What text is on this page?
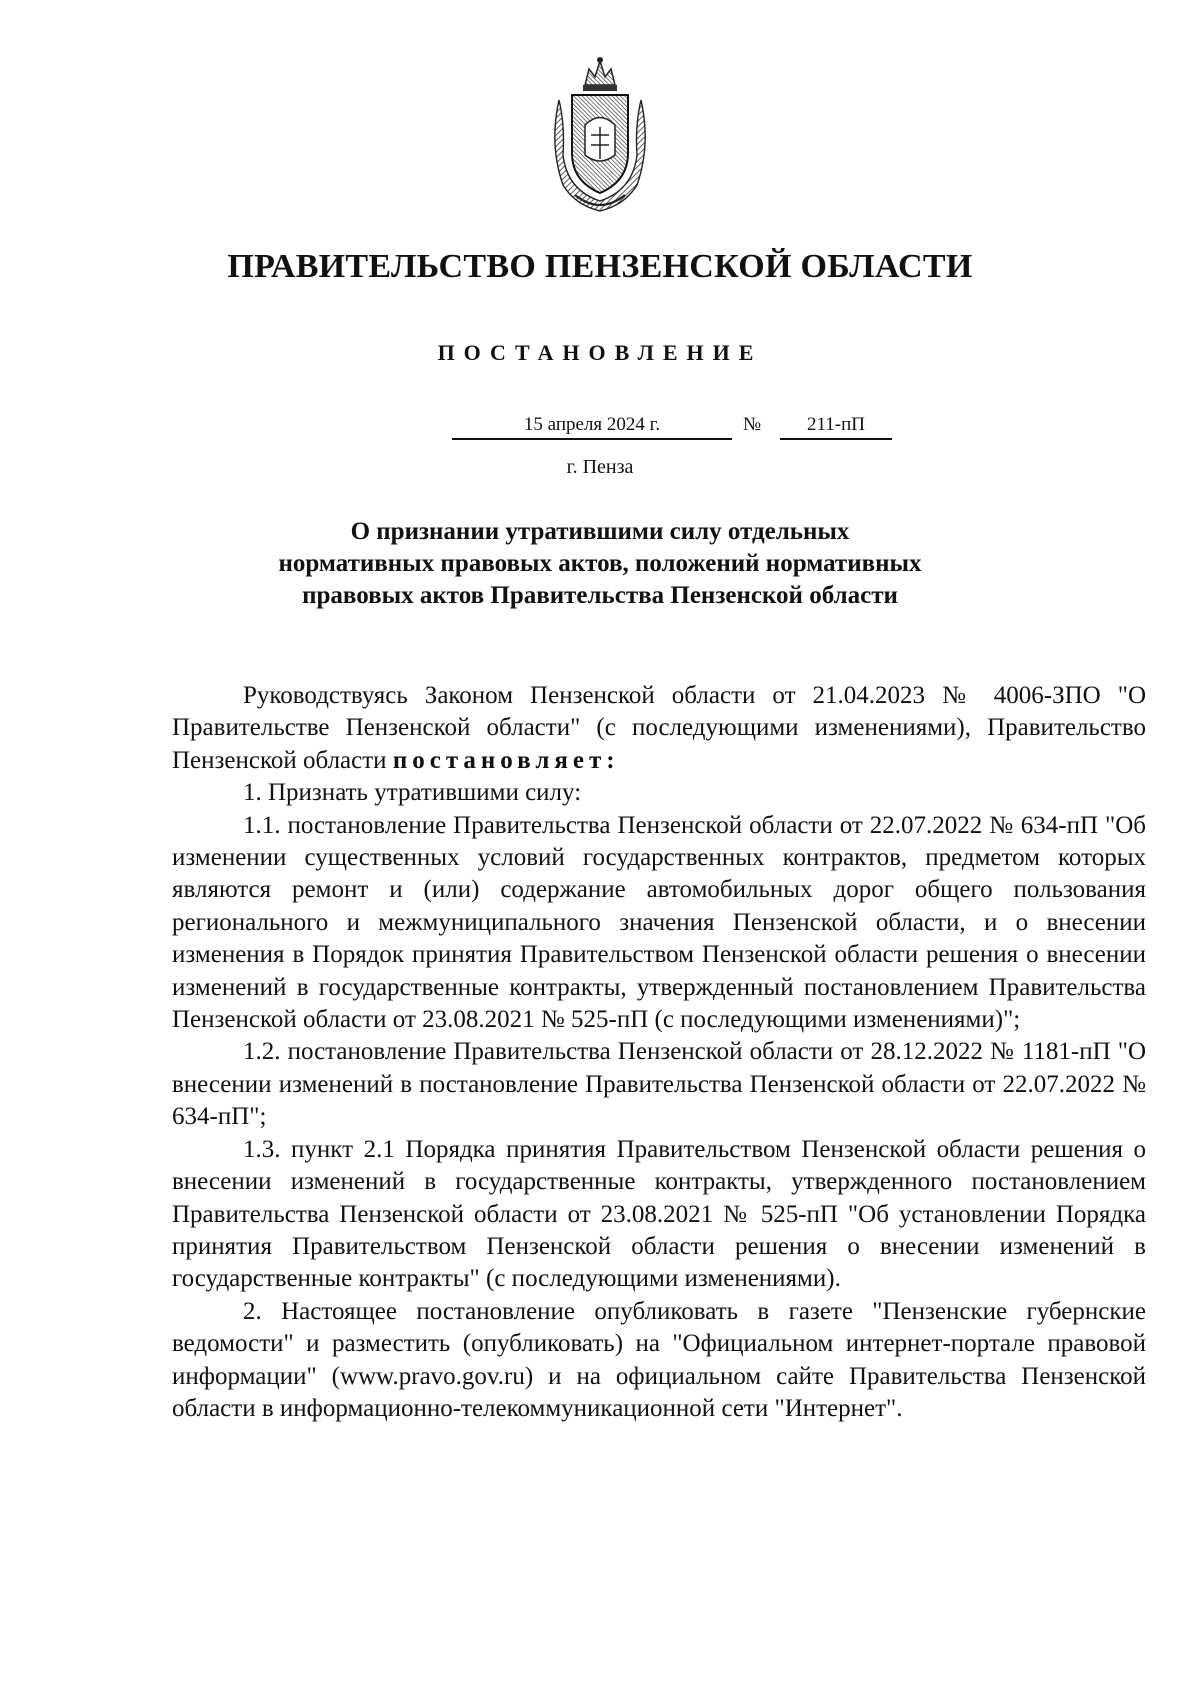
ПРАВИТЕЛЬСТВО ПЕНЗЕНСКОЙ ОБЛАСТИ
ПОСТАНОВЛЕНИЕ
15 апреля 2024 г.	№	211-пП
г. Пенза
О признании утратившими силу отдельных
нормативных правовых актов, положений нормативных
правовых актов Правительства Пензенской области

Руководствуясь Законом Пензенской области от 21.04.2023 № 4006-ЗПО "О Правительстве Пензенской области" (с последующими изменениями), Правительство Пензенской области постановляет:

1. Признать утратившими силу:

1.1. постановление Правительства Пензенской области от 22.07.2022 № 634-пП "Об изменении существенных условий государственных контрактов, предметом которых являются ремонт и (или) содержание автомобильных дорог общего пользования регионального и межмуниципального значения Пензенской области, и о внесении изменения в Порядок принятия Правительством Пензенской области решения о внесении изменений в государственные контракты, утвержденный постановлением Правительства Пензенской области от 23.08.2021 № 525-пП (с последующими изменениями)";

1.2. постановление Правительства Пензенской области от 28.12.2022 № 1181-пП "О внесении изменений в постановление Правительства Пензенской области от 22.07.2022 № 634-пП";

1.3. пункт 2.1 Порядка принятия Правительством Пензенской области решения о внесении изменений в государственные контракты, утвержденного постановлением Правительства Пензенской области от 23.08.2021 № 525-пП "Об установлении Порядка принятия Правительством Пензенской области решения о внесении изменений в государственные контракты" (с последующими изменениями).

2. Настоящее постановление опубликовать в газете "Пензенские губернские ведомости" и разместить (опубликовать) на "Официальном интернет-портале правовой информации" (www.pravo.gov.ru) и на официальном сайте Правительства Пензенской области в информационно-телекоммуникационной сети "Интернет".
